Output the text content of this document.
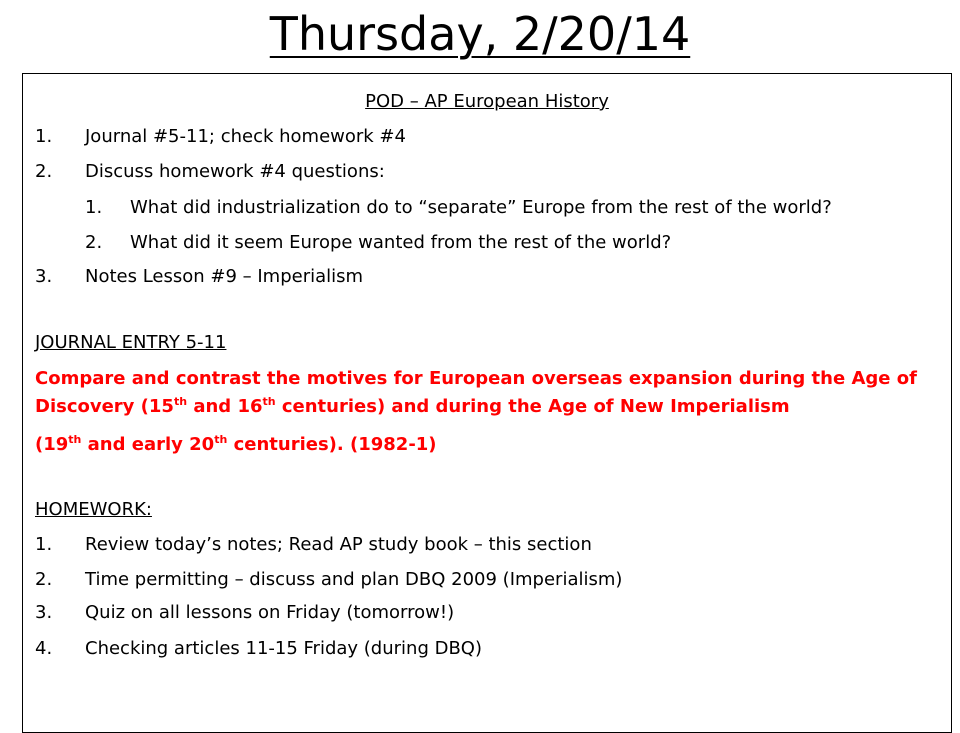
Thursday, 2/20/14
POD – AP European History
1. Journal #5-11; check homework #4
2. Discuss homework #4 questions:
1. What did industrialization do to “separate” Europe from the rest of the world?
2. What did it seem Europe wanted from the rest of the world?
3. Notes Lesson #9 – Imperialism
JOURNAL ENTRY 5-11
Compare and contrast the motives for European overseas expansion during the Age of
Discovery (15th and 16th centuries) and during the Age of New Imperialism
(19th and early 20th centuries). (1982-1)
HOMEWORK:
1. Review today’s notes; Read AP study book – this section
2. Time permitting – discuss and plan DBQ 2009 (Imperialism)
3. Quiz on all lessons on Friday (tomorrow!)
4. Checking articles 11-15 Friday (during DBQ)
